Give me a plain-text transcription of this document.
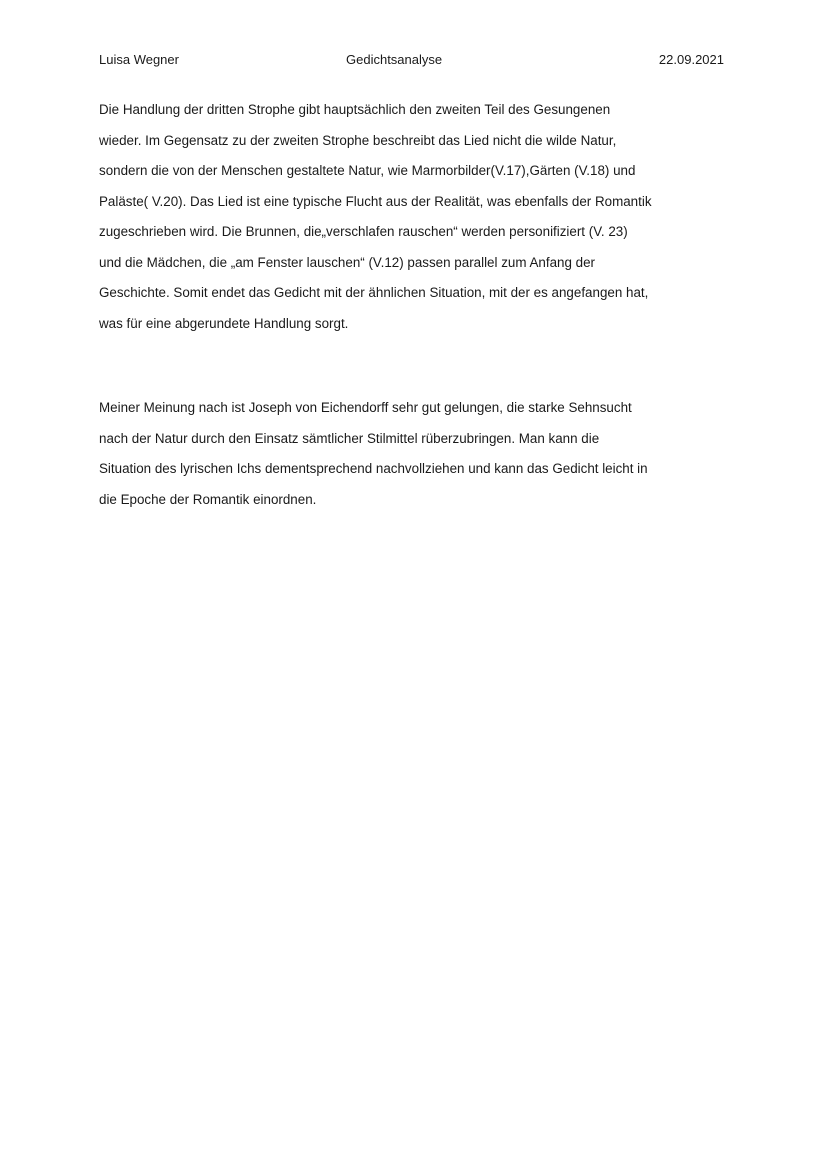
Luisa Wegner	Gedichtsanalyse	22.09.2021

Die Handlung der dritten Strophe gibt hauptsächlich den zweiten Teil des Gesungenen
wieder. Im Gegensatz zu der zweiten Strophe beschreibt das Lied nicht die wilde Natur,
sondern die von der Menschen gestaltete Natur, wie Marmorbilder(V.17),Gärten (V.18) und
Paläste( V.20). Das Lied ist eine typische Flucht aus der Realität, was ebenfalls der Romantik
zugeschrieben wird. Die Brunnen, die„verschlafen rauschen“ werden personifiziert (V. 23)
und die Mädchen, die „am Fenster lauschen“ (V.12) passen parallel zum Anfang der
Geschichte. Somit endet das Gedicht mit der ähnlichen Situation, mit der es angefangen hat,
was für eine abgerundete Handlung sorgt.

Meiner Meinung nach ist Joseph von Eichendorff sehr gut gelungen, die starke Sehnsucht
nach der Natur durch den Einsatz sämtlicher Stilmittel rüberzubringen. Man kann die
Situation des lyrischen Ichs dementsprechend nachvollziehen und kann das Gedicht leicht in
die Epoche der Romantik einordnen.
